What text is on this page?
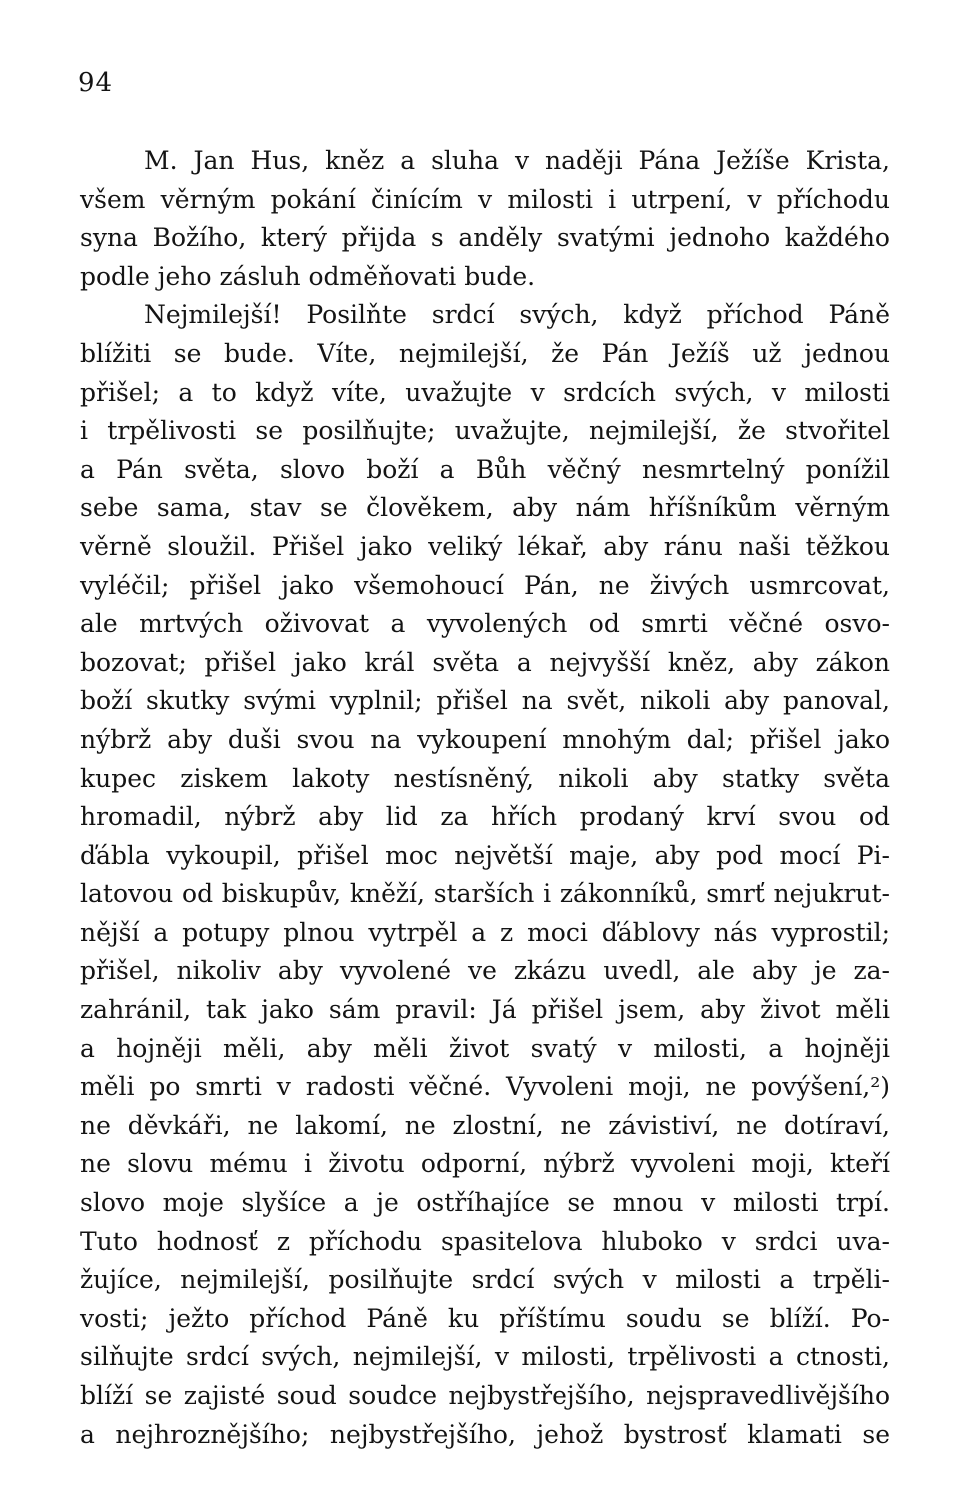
94
M. Jan Hus, kněz a sluha v naději Pána Ježíše Krista,
všem věrným pokání činícím v milosti i utrpení, v příchodu
syna Božího, který přijda s anděly svatými jednoho každého
podle jeho zásluh odměňovati bude.
Nejmilejší! Posilňte srdcí svých, když příchod Páně
blížiti se bude. Víte, nejmilejší, že Pán Ježíš už jednou
přišel; a to když víte, uvažujte v srdcích svých, v milosti
i trpělivosti se posilňujte; uvažujte, nejmilejší, že stvořitel
a Pán světa, slovo boží a Bůh věčný nesmrtelný ponížil
sebe sama, stav se člověkem, aby nám hříšníkům věrným
věrně sloužil. Přišel jako veliký lékař, aby ránu naši těžkou
vyléčil; přišel jako všemohoucí Pán, ne živých usmrcovat,
ale mrtvých oživovat a vyvolených od smrti věčné osvo-
bozovat; přišel jako král světa a nejvyšší kněz, aby zákon
boží skutky svými vyplnil; přišel na svět, nikoli aby panoval,
nýbrž aby duši svou na vykoupení mnohým dal; přišel jako
kupec ziskem lakoty nestísněný, nikoli aby statky světa
hromadil, nýbrž aby lid za hřích prodaný krví svou od
ďábla vykoupil, přišel moc největší maje, aby pod mocí Pi-
latovou od biskupův, kněží, starších i zákonníků, smrť nejukrut-
nější a potupy plnou vytrpěl a z moci ďáblovy nás vyprostil;
přišel, nikoliv aby vyvolené ve zkázu uvedl, ale aby je za-
zahránil, tak jako sám pravil: Já přišel jsem, aby život měli
a hojněji měli, aby měli život svatý v milosti, a hojněji
měli po smrti v radosti věčné. Vyvoleni moji, ne povýšení,²)
ne děvkáři, ne lakomí, ne zlostní, ne závistiví, ne dotíraví,
ne slovu mému i životu odporní, nýbrž vyvoleni moji, kteří
slovo moje slyšíce a je ostříhajíce se mnou v milosti trpí.
Tuto hodnosť z příchodu spasitelova hluboko v srdci uva-
žujíce, nejmilejší, posilňujte srdcí svých v milosti a trpěli-
vosti; ježto příchod Páně ku příštímu soudu se blíží. Po-
silňujte srdcí svých, nejmilejší, v milosti, trpělivosti a ctnosti,
blíží se zajisté soud soudce nejbystřejšího, nejspravedlivějšího
a nejhroznějšího; nejbystřejšího, jehož bystrosť klamati se
